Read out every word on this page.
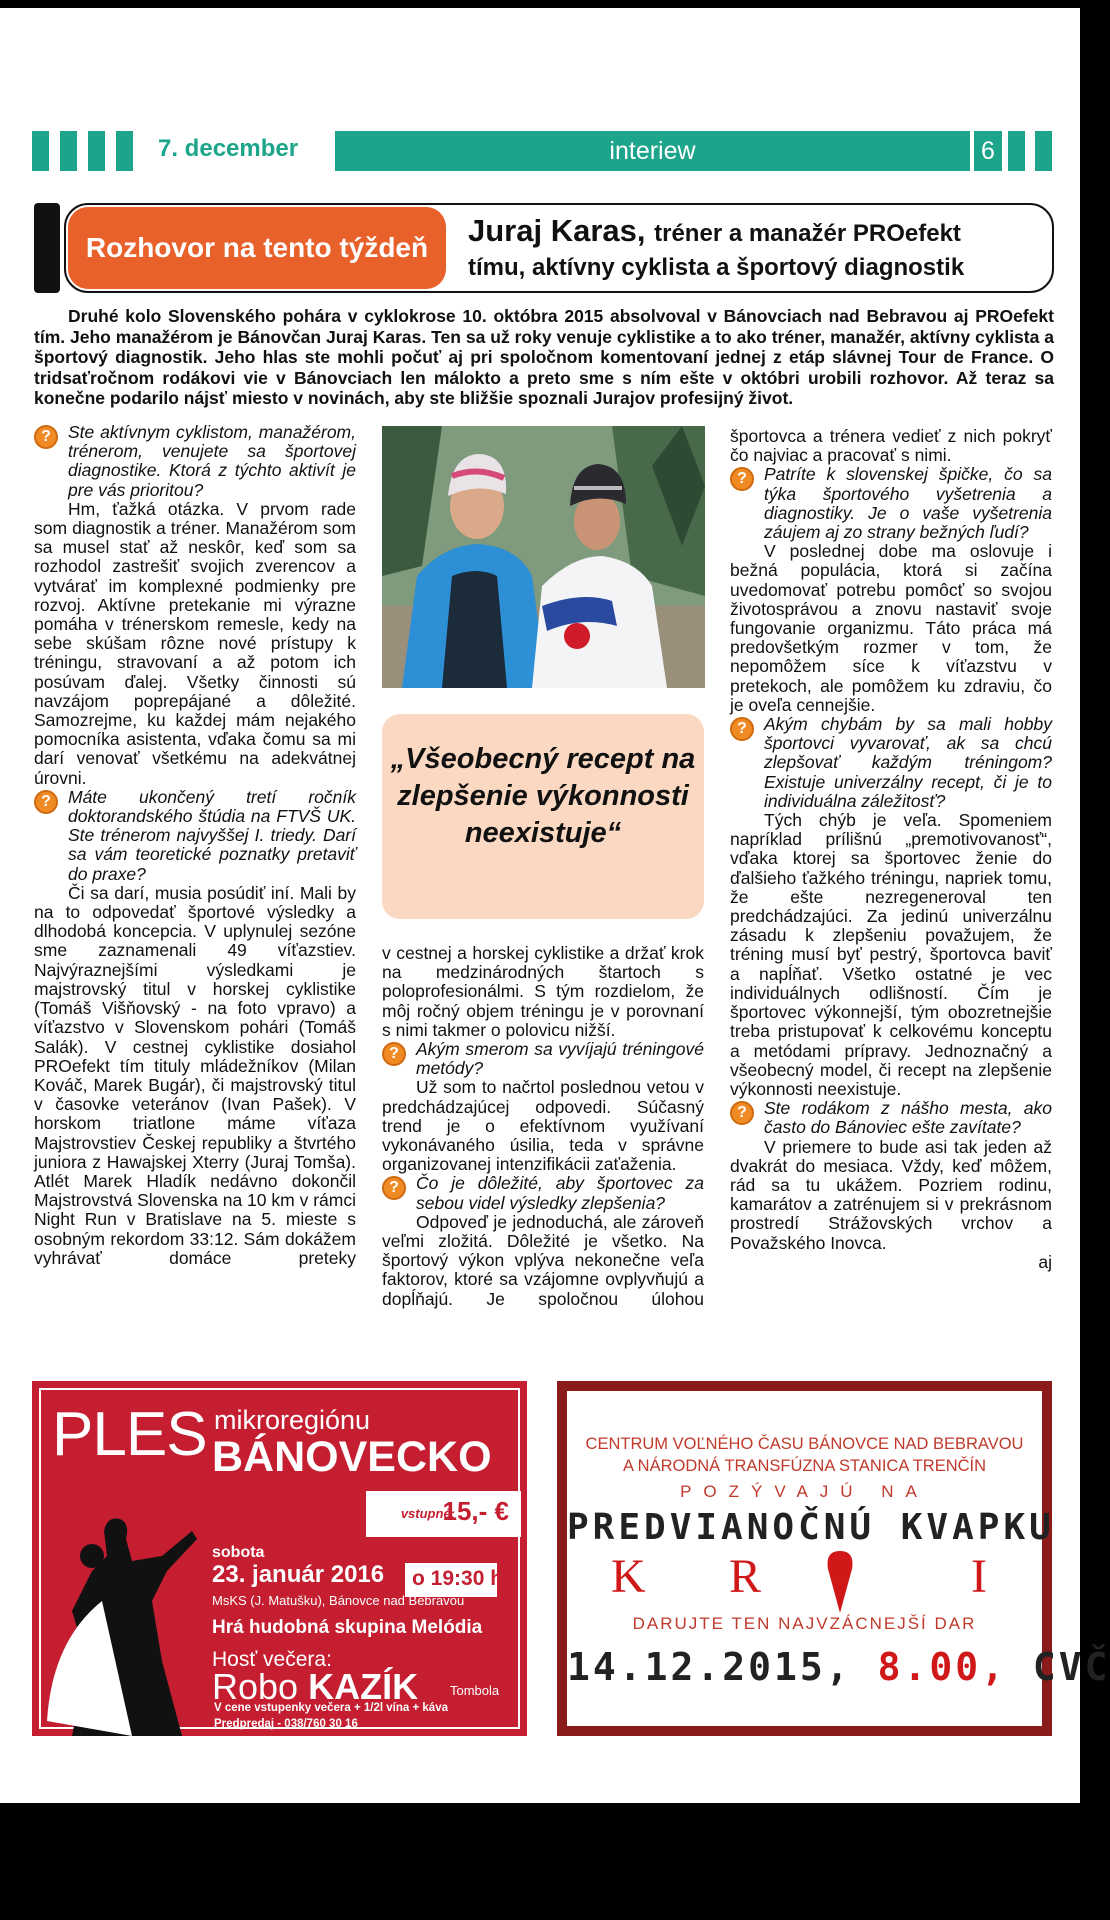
7. december	interiew	6
Rozhovor na tento týždeň	Juraj Karas, tréner a manažér PROefekt
tímu, aktívny cyklista a športový diagnostik

Druhé kolo Slovenského pohára v cyklokrose 10. októbra 2015 absolvoval v Bánovciach nad Bebravou aj PROefekt tím. Jeho manažérom je Bánovčan Juraj Karas. Ten sa už roky venuje cyklistike a to ako tréner, manažér, aktívny cyklista a športový diagnostik. Jeho hlas ste mohli počuť aj pri spoločnom komentovaní jednej z etáp slávnej Tour de France. O tridsaťročnom rodákovi vie v Bánovciach len málokto a preto sme s ním ešte v októbri urobili rozhovor. Až teraz sa konečne podarilo nájsť miesto v novinách, aby ste bližšie spoznali Jurajov profesijný život.

? Ste aktívnym cyklistom, manažérom, trénerom, venujete sa športovej diagnostike. Ktorá z týchto aktivít je pre vás prioritou?

Hm, ťažká otázka. V prvom rade som diagnostik a tréner. Manažérom som sa musel stať až neskôr, keď som sa rozhodol zastrešiť svojich zverencov a vytvárať im komplexné podmienky pre rozvoj. Aktívne pretekanie mi výrazne pomáha v trénerskom remesle, kedy na sebe skúšam rôzne nové prístupy k tréningu, stravovaní a až potom ich posúvam ďalej. Všetky činnosti sú navzájom poprepájané a dôležité. Samozrejme, ku každej mám nejakého pomocníka asistenta, vďaka čomu sa mi darí venovať všetkému na adekvátnej úrovni.

? Máte ukončený tretí ročník doktorandského štúdia na FTVŠ UK. Ste trénerom najvyššej I. triedy. Darí sa vám teoretické poznatky pretaviť do praxe?

Či sa darí, musia posúdiť iní. Mali by na to odpovedať športové výsledky a dlhodobá koncepcia. V uplynulej sezóne sme zaznamenali 49 víťazstiev. Najvýraznejšími výsledkami je majstrovský titul v horskej cyklistike (Tomáš Višňovský - na foto vpravo) a víťazstvo v Slovenskom pohári (Tomáš Salák). V cestnej cyklistike dosiahol PROefekt tím tituly mládežníkov (Milan Kováč, Marek Bugár), či majstrovský titul v časovke veteránov (Ivan Pašek). V horskom triatlone máme víťaza Majstrovstiev Českej republiky a štvrtého juniora z Hawajskej Xterry (Juraj Tomša). Atlét Marek Hladík nedávno dokončil Majstrovstvá Slovenska na 10 km v rámci Night Run v Bratislave na 5. mieste s osobným rekordom 33:12. Sám dokážem vyhrávať domáce preteky

„Všeobecný recept na zlepšenie výkonnosti neexistuje“

v cestnej a horskej cyklistike a držať krok na medzinárodných štartoch s poloprofesionálmi. S tým rozdielom, že môj ročný objem tréningu je v porovnaní s nimi takmer o polovicu nižší.

? Akým smerom sa vyvíjajú tréningové metódy?

Už som to načrtol poslednou vetou v predchádzajúcej odpovedi. Súčasný trend je o efektívnom využívaní vykonávaného úsilia, teda v správne organizovanej intenzifikácii zaťaženia.

? Čo je dôležité, aby športovec za sebou videl výsledky zlepšenia?

Odpoveď je jednoduchá, ale zároveň veľmi zložitá. Dôležité je všetko. Na športový výkon vplýva nekonečne veľa faktorov, ktoré sa vzájomne ovplyvňujú a dopĺňajú. Je spoločnou úlohou

športovca a trénera vedieť z nich pokryť čo najviac a pracovať s nimi.

? Patríte k slovenskej špičke, čo sa týka športového vyšetrenia a diagnostiky. Je o vaše vyšetrenia záujem aj zo strany bežných ľudí?

V poslednej dobe ma oslovuje i bežná populácia, ktorá si začína uvedomovať potrebu pomôcť so svojou životosprávou a znovu nastaviť svoje fungovanie organizmu. Táto práca má predovšetkým rozmer v tom, že nepomôžem síce k víťazstvu v pretekoch, ale pomôžem ku zdraviu, čo je oveľa cennejšie.

? Akým chybám by sa mali hobby športovci vyvarovať, ak sa chcú zlepšovať každým tréningom? Existuje univerzálny recept, či je to individuálna záležitosť?

Tých chýb je veľa. Spomeniem napríklad prílišnú „premotivovanosť“, vďaka ktorej sa športovec ženie do ďalšieho ťažkého tréningu, napriek tomu, že ešte nezregeneroval ten predchádzajúci. Za jedinú univerzálnu zásadu k zlepšeniu považujem, že tréning musí byť pestrý, športovca baviť a napĺňať. Všetko ostatné je vec individuálnych odlišností. Čím je športovec výkonnejší, tým obozretnejšie treba pristupovať k celkovému konceptu a metódami prípravy. Jednoznačný a všeobecný model, či recept na zlepšenie výkonnosti neexistuje.

? Ste rodákom z nášho mesta, ako často do Bánoviec ešte zavítate?

V priemere to bude asi tak jeden až dvakrát do mesiaca. Vždy, keď môžem, rád sa tu ukážem. Pozriem rodinu, kamarátov a zatrénujem si v prekrásnom prostredí Strážovských vrchov a Považského Inovca.

aj

PLES mikroregiónu
BÁNOVECKO
vstupné:
15,- €
sobota
23. január 2016 o 19:30 h
MsKS (J. Matušku), Bánovce nad Bebravou
Hrá hudobná skupina Melódia
Hosť večera:
Robo KAZÍK Tombola
V cene vstupenky večera + 1/2l vína + káva
Predpredaj - 038/760 30 16
CENTRUM VOĽNÉHO ČASU BÁNOVCE NAD BEBRAVOU
A NÁRODNÁ TRANSFÚZNA STANICA TRENČÍN
POZÝVAJÚ NA
PREDVIANOČNÚ KVAPKU
K R	I
DARUJTE TEN NAJVZÁCNEJŠÍ DAR
14.12.2015, 8.00, CVČ
